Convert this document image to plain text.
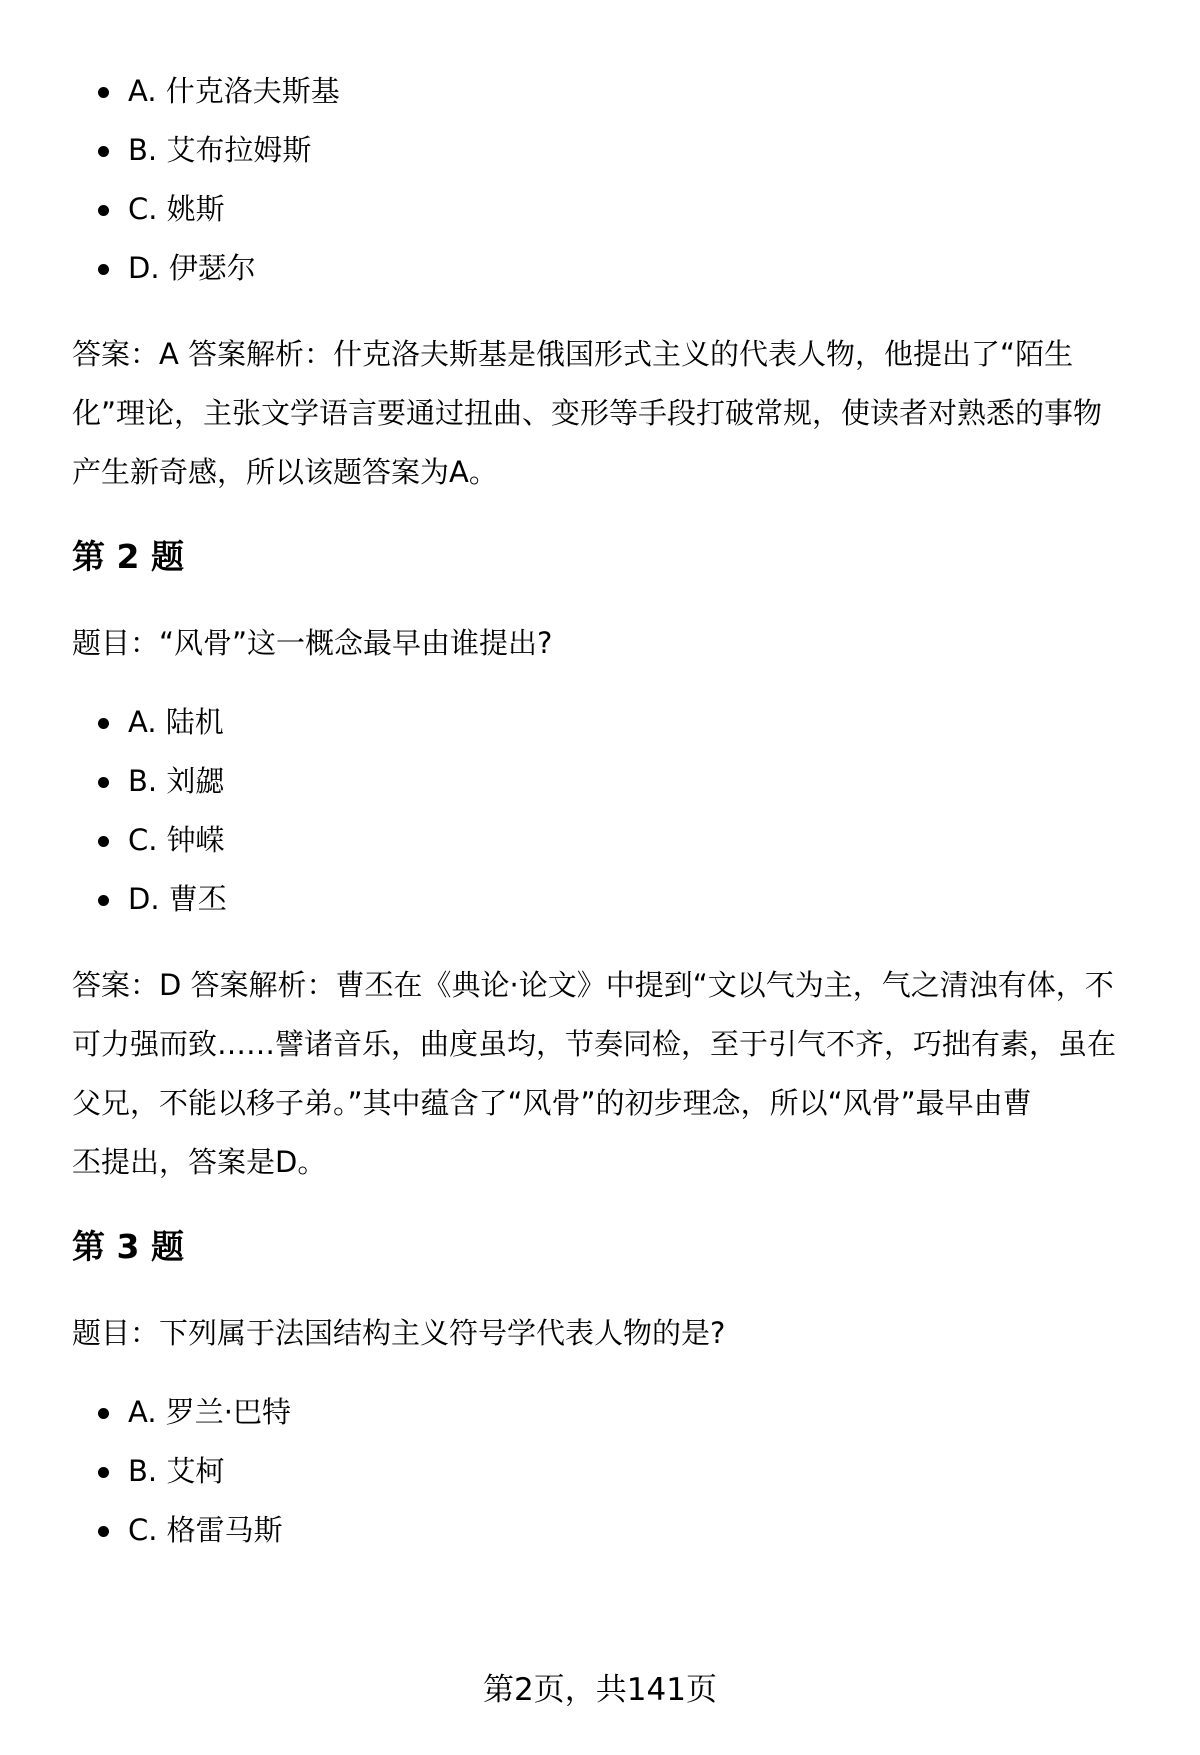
A. 什克洛夫斯基
B. 艾布拉姆斯
C. 姚斯
D. 伊瑟尔
答案：A 答案解析：什克洛夫斯基是俄国形式主义的代表人物，他提出了“陌生
化”理论，主张文学语言要通过扭曲、变形等手段打破常规，使读者对熟悉的事物
产生新奇感，所以该题答案为A。
第 2 题
题目：“风骨”这一概念最早由谁提出?
A. 陆机
B. 刘勰
C. 钟嵘
D. 曹丕
答案：D 答案解析：曹丕在《典论·论文》中提到“文以气为主，气之清浊有体，不
可力强而致……譬诸音乐，曲度虽均，节奏同检，至于引气不齐，巧拙有素，虽在
父兄，不能以移子弟。”其中蕴含了“风骨”的初步理念，所以“风骨”最早由曹
丕提出，答案是D。
第 3 题
题目：下列属于法国结构主义符号学代表人物的是?
A. 罗兰·巴特
B. 艾柯
C. 格雷马斯
第2页，共141页
